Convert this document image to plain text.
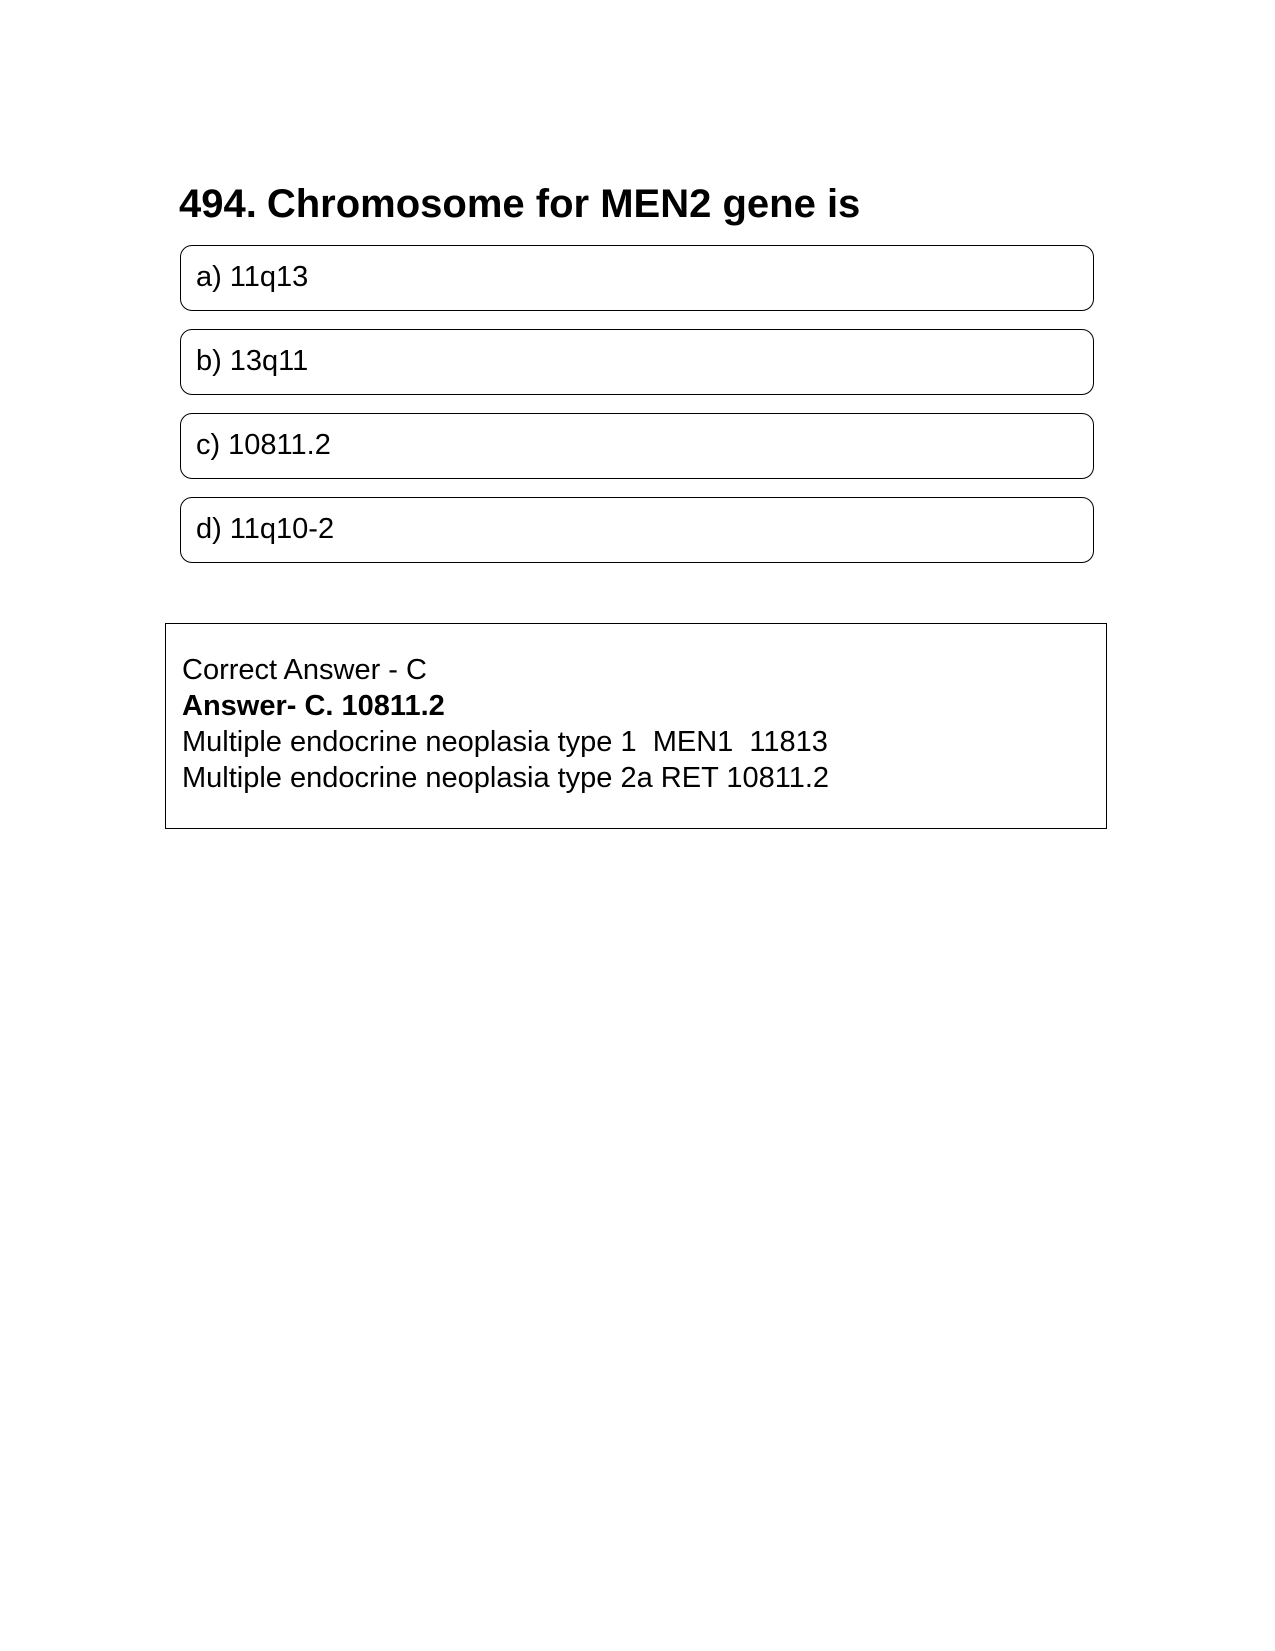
494. Chromosome for MEN2 gene is
a) 11q13
b) 13q11
c) 10811.2
d) 11q10-2
Correct Answer - C
Answer- C. 10811.2
Multiple endocrine neoplasia type 1  MEN1  11813
Multiple endocrine neoplasia type 2a RET 10811.2
